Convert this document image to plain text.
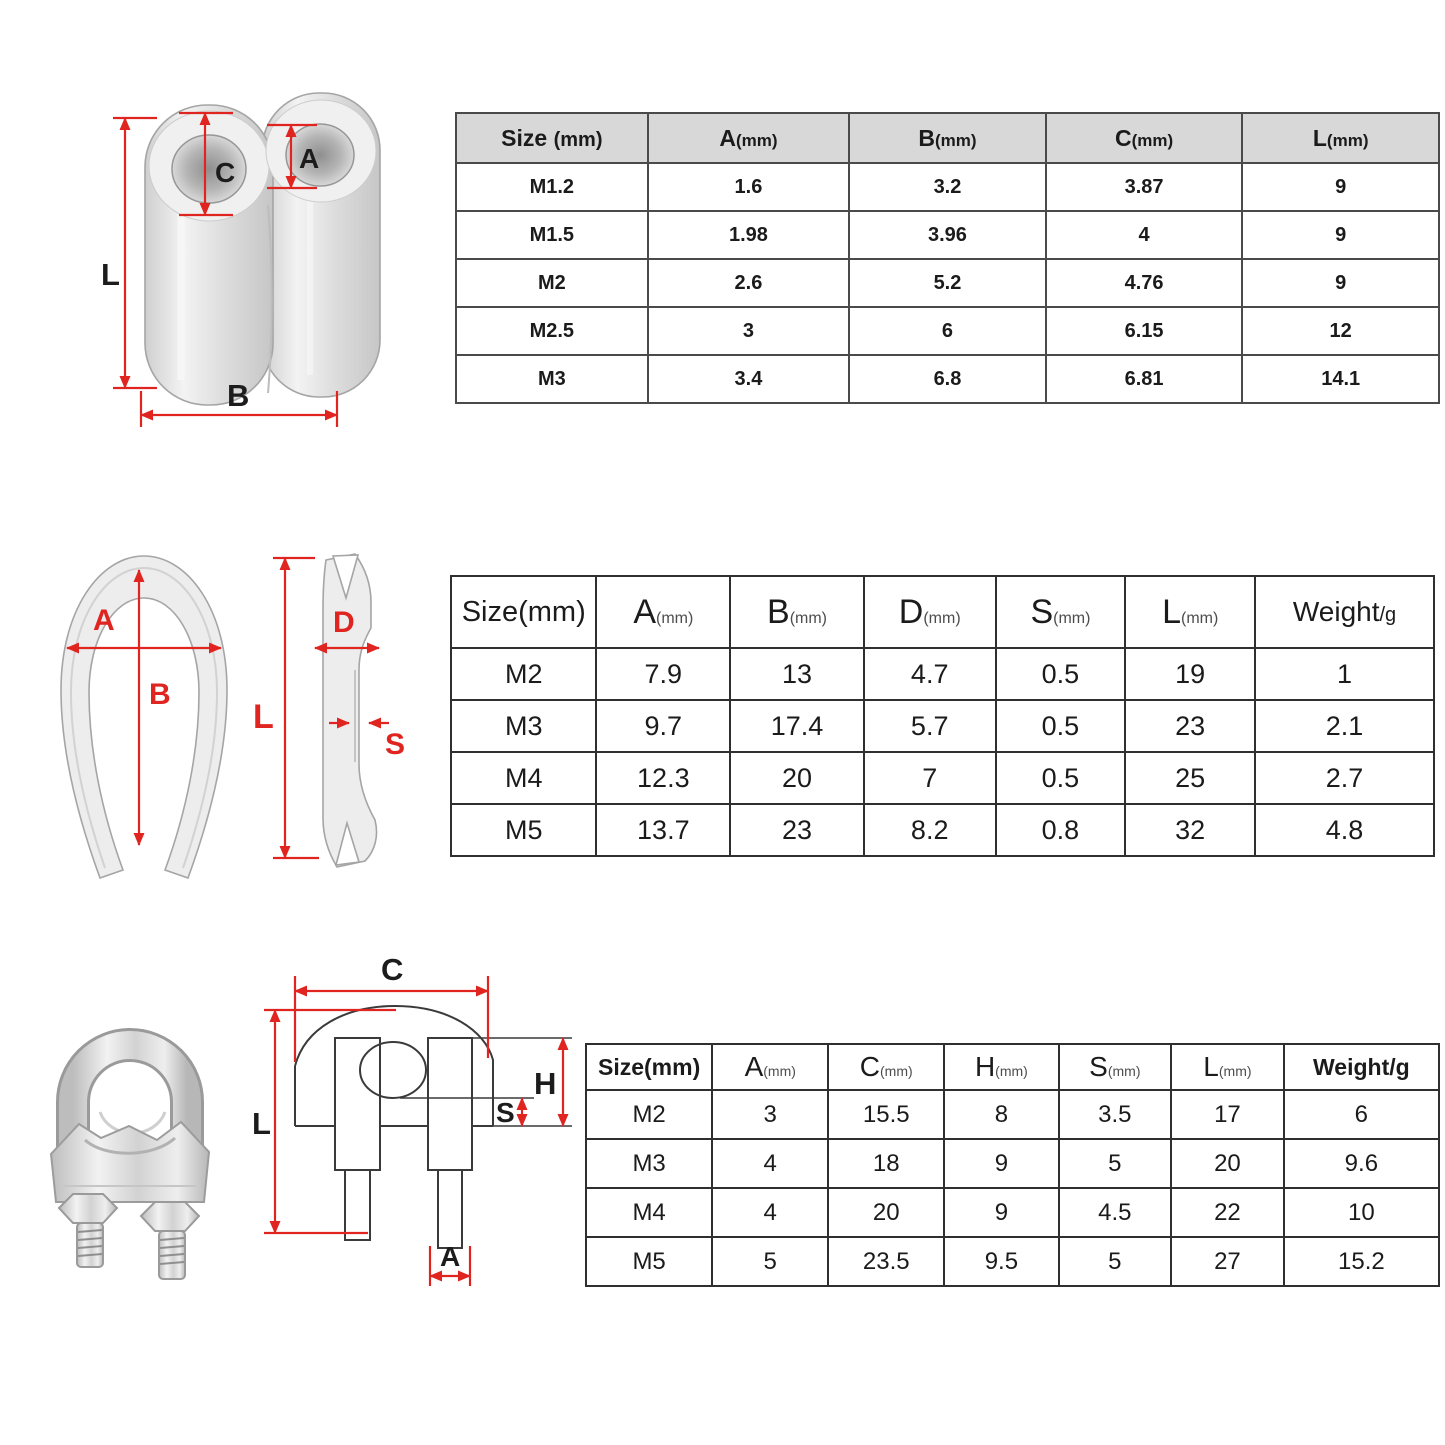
C A
L
B
Size (mm)	A(mm)	B(mm)	C(mm)	L(mm)
M1.2	1.6	3.2	3.87	9
M1.5	1.98	3.96	4	9
M2	2.6	5.2	4.76	9
M2.5	3	6	6.15	12
M3	3.4	6.8	6.81	14.1
A
B
D
L
S
Size(mm)	A(mm)	B(mm)	D(mm)	S(mm)	L(mm)	Weight/g
M2	7.9	13	4.7	0.5	19	1
M3	9.7	17.4	5.7	0.5	23	2.1
M4	12.3	20	7	0.5	25	2.7
M5	13.7	23	8.2	0.8	32	4.8
C
L
H
S
A
Size(mm)	A(mm)	C(mm)	H(mm)	S(mm)	L(mm)	Weight/g
M2	3	15.5	8	3.5	17	6
M3	4	18	9	5	20	9.6
M4	4	20	9	4.5	22	10
M5	5	23.5	9.5	5	27	15.2
